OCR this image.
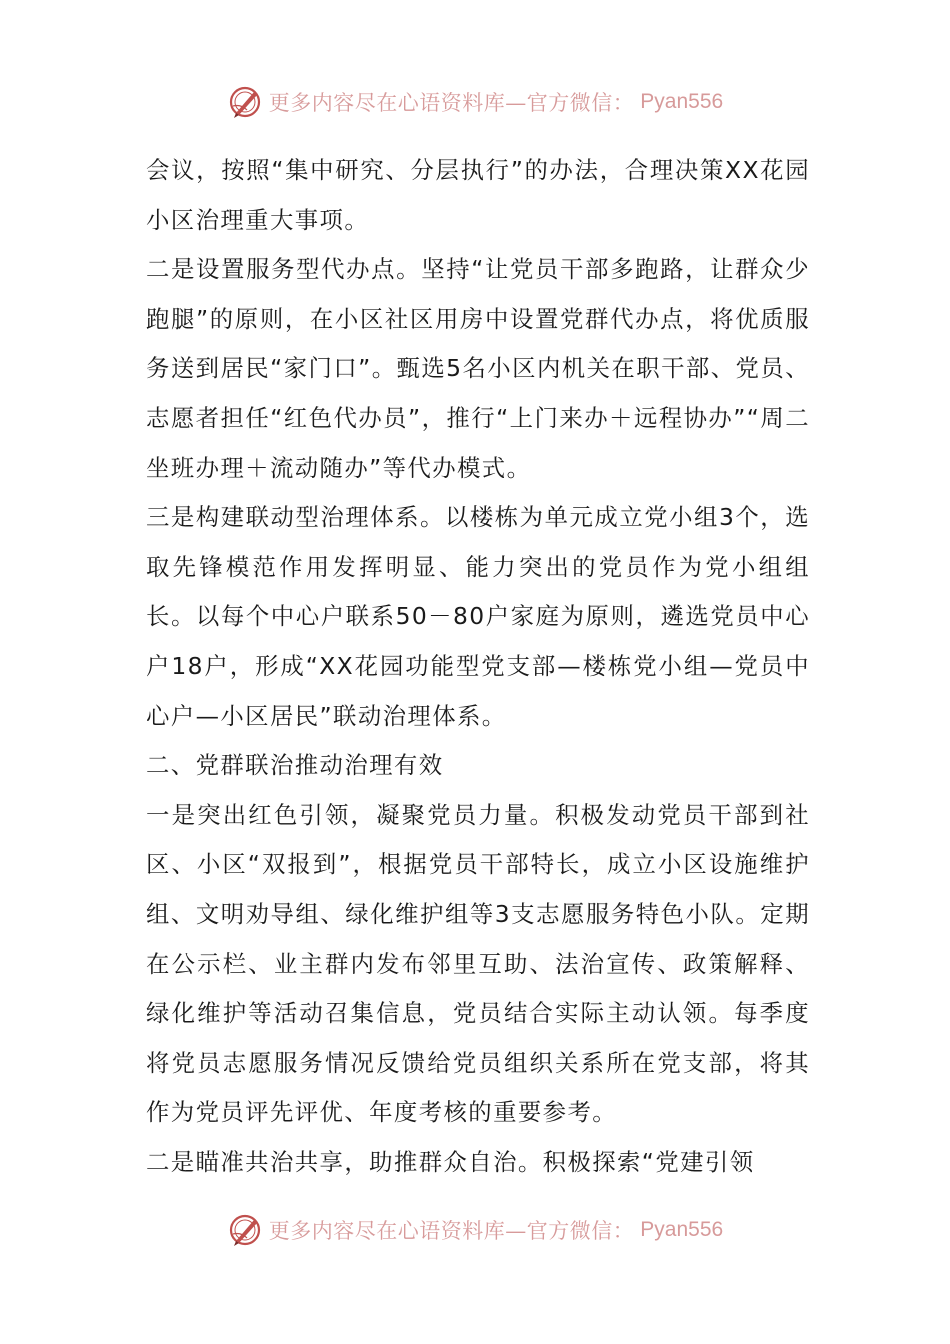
更多内容尽在心语资料库—官方微信： Pyan556

会议，按照“集中研究、分层执行”的办法，合理决策XX花园小区治理重大事项。

二是设置服务型代办点。坚持“让党员干部多跑路，让群众少跑腿”的原则，在小区社区用房中设置党群代办点，将优质服务送到居民“家门口”。甄选5名小区内机关在职干部、党员、志愿者担任“红色代办员”，推行“上门来办＋远程协办”“周二坐班办理＋流动随办”等代办模式。

三是构建联动型治理体系。以楼栋为单元成立党小组3个，选取先锋模范作用发挥明显、能力突出的党员作为党小组组长。以每个中心户联系50－80户家庭为原则，遴选党员中心户18户，形成“XX花园功能型党支部—楼栋党小组—党员中心户—小区居民”联动治理体系。

二、党群联治推动治理有效

一是突出红色引领，凝聚党员力量。积极发动党员干部到社区、小区“双报到”，根据党员干部特长，成立小区设施维护组、文明劝导组、绿化维护组等3支志愿服务特色小队。定期在公示栏、业主群内发布邻里互助、法治宣传、政策解释、绿化维护等活动召集信息，党员结合实际主动认领。每季度将党员志愿服务情况反馈给党员组织关系所在党支部，将其作为党员评先评优、年度考核的重要参考。

二是瞄准共治共享，助推群众自治。积极探索“党建引领

更多内容尽在心语资料库—官方微信： Pyan556
